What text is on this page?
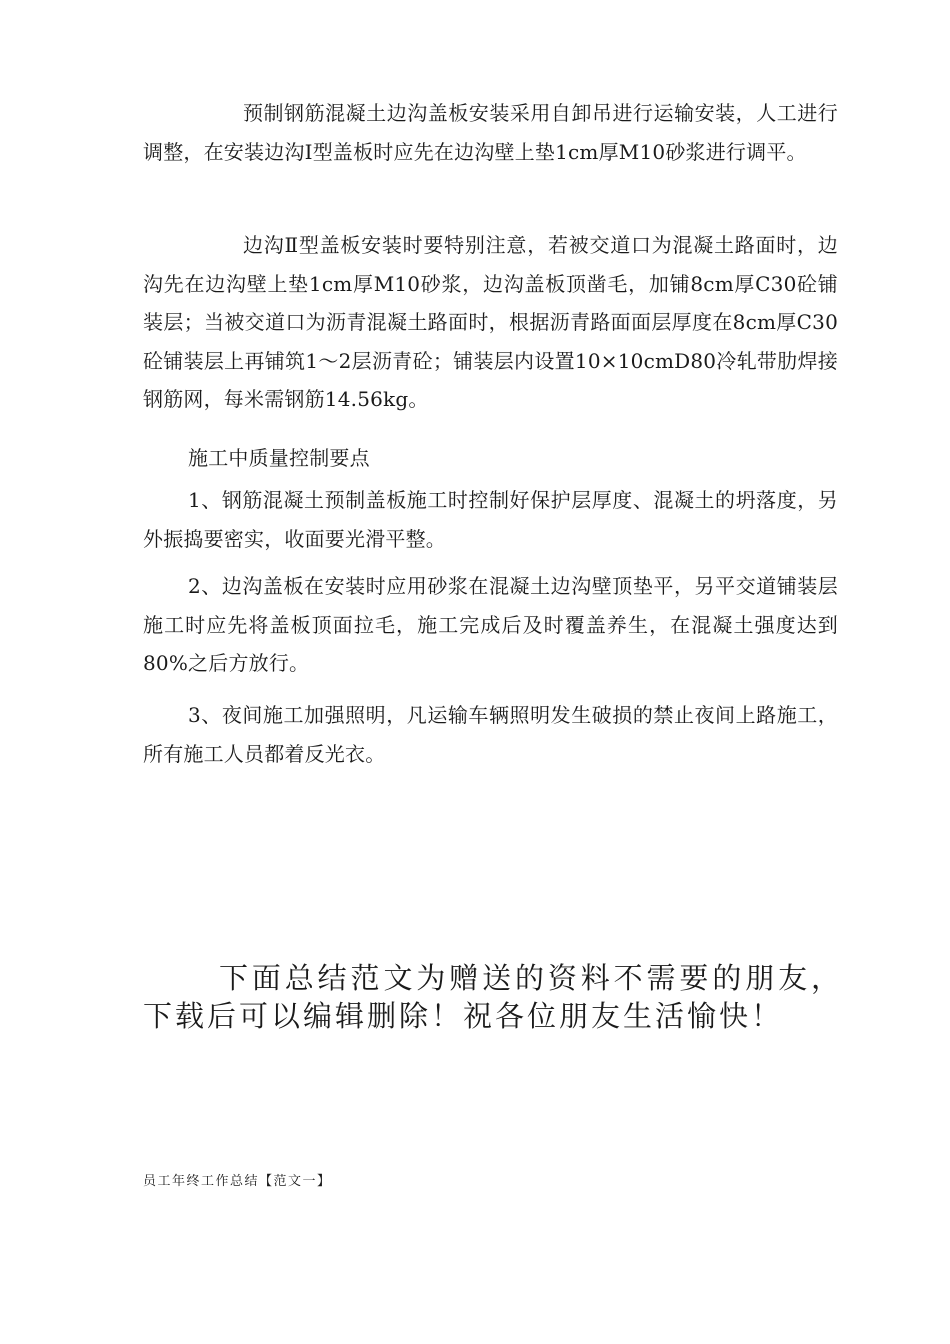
预制钢筋混凝土边沟盖板安装采用自卸吊进行运输安装，人工进行调整，在安装边沟Ⅰ型盖板时应先在边沟壁上垫1cm厚M10砂浆进行调平。

边沟Ⅱ型盖板安装时要特别注意，若被交道口为混凝土路面时，边沟先在边沟壁上垫1cm厚M10砂浆，边沟盖板顶凿毛，加铺8cm厚C30砼铺装层；当被交道口为沥青混凝土路面时，根据沥青路面面层厚度在8cm厚C30砼铺装层上再铺筑1～2层沥青砼；铺装层内设置10×10cmD80冷轧带肋焊接钢筋网，每米需钢筋14.56kg。

施工中质量控制要点

1、钢筋混凝土预制盖板施工时控制好保护层厚度、混凝土的坍落度，另外振捣要密实，收面要光滑平整。

2、边沟盖板在安装时应用砂浆在混凝土边沟壁顶垫平，另平交道铺装层施工时应先将盖板顶面拉毛，施工完成后及时覆盖养生，在混凝土强度达到80%之后方放行。

3、夜间施工加强照明，凡运输车辆照明发生破损的禁止夜间上路施工，所有施工人员都着反光衣。

下面总结范文为赠送的资料不需要的朋友，下载后可以编辑删除！祝各位朋友生活愉快！

员工年终工作总结【范文一】
